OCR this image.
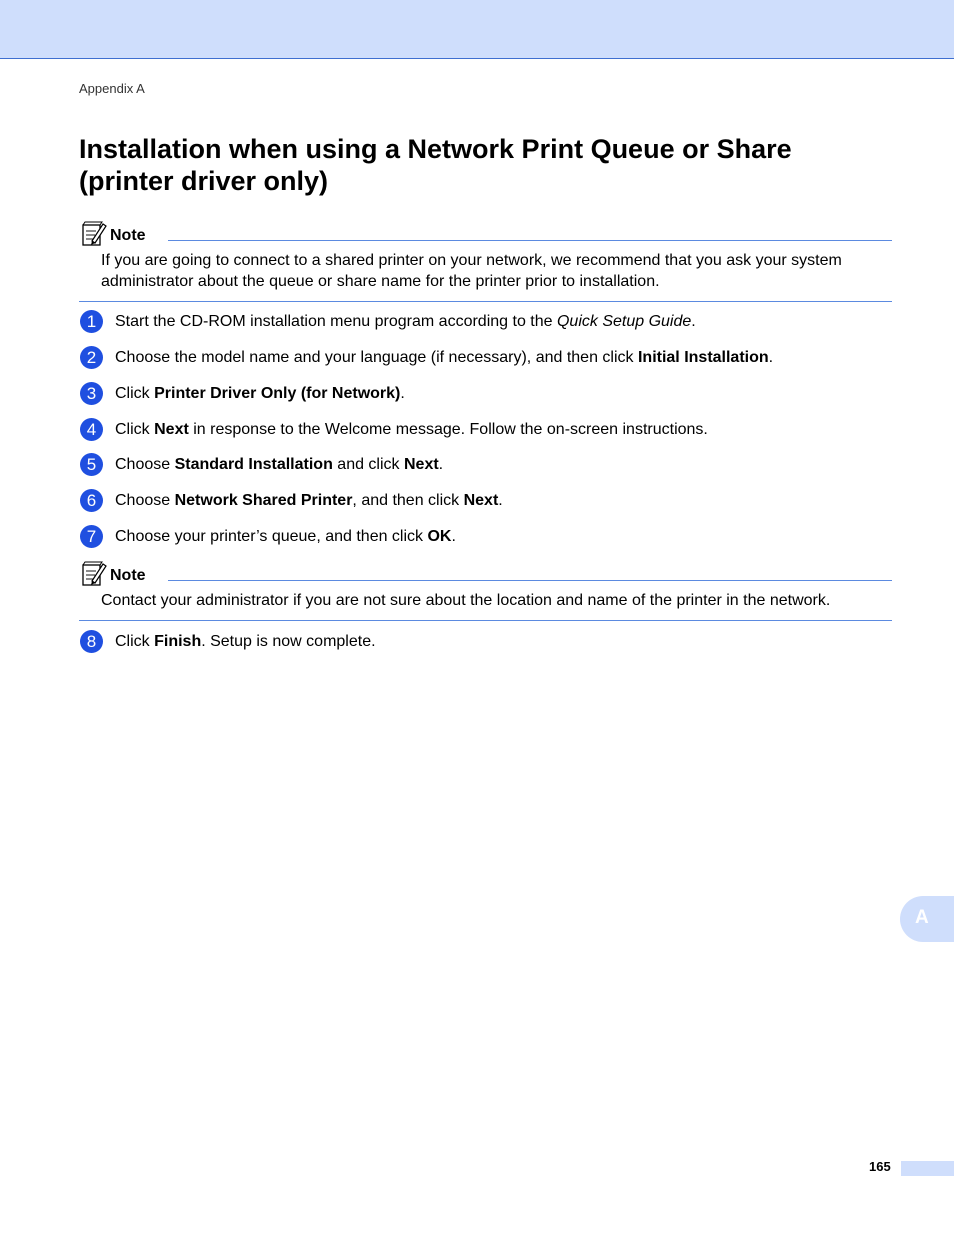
Appendix A
Installation when using a Network Print Queue or Share
(printer driver only)
Note
If you are going to connect to a shared printer on your network, we recommend that you ask your system administrator about the queue or share name for the printer prior to installation.
1	Start the CD-ROM installation menu program according to the Quick Setup Guide.
2	Choose the model name and your language (if necessary), and then click Initial Installation.
3	Click Printer Driver Only (for Network).
4	Click Next in response to the Welcome message. Follow the on-screen instructions.
5	Choose Standard Installation and click Next.
6	Choose Network Shared Printer, and then click Next.
7	Choose your printer’s queue, and then click OK.
Note
Contact your administrator if you are not sure about the location and name of the printer in the network.
8	Click Finish. Setup is now complete.
A
165
